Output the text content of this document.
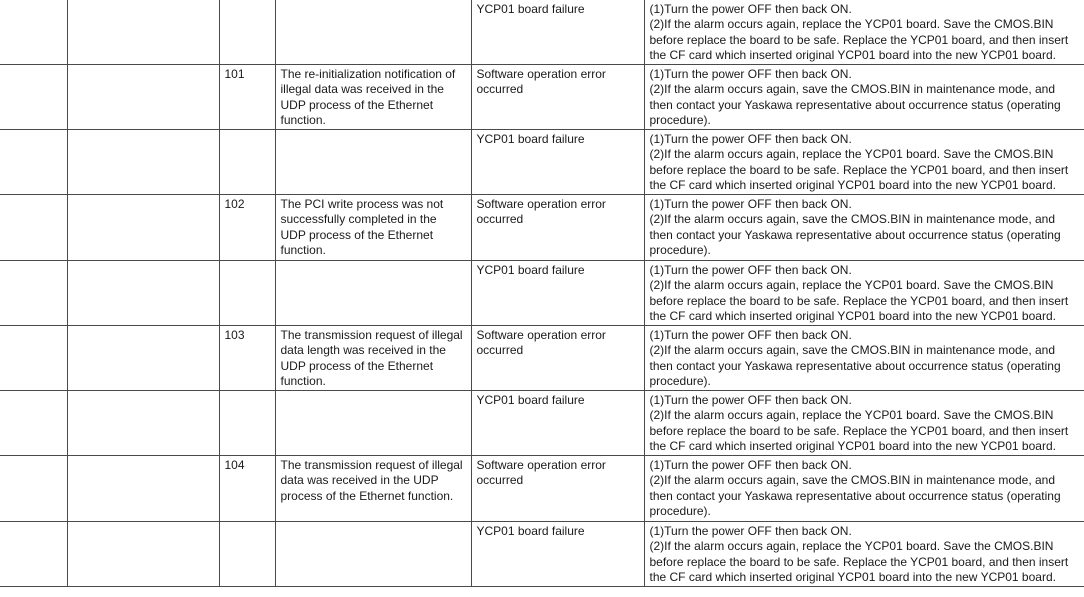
				YCP01 board failure	(1)Turn the power OFF then back ON.
(2)If the alarm occurs again, replace the YCP01 board. Save the CMOS.BIN
before replace the board to be safe. Replace the YCP01 board, and then insert
the CF card which inserted original YCP01 board into the new YCP01 board.
		101	The re-initialization notification of
illegal data was received in the
UDP process of the Ethernet
function.	Software operation error
occurred	(1)Turn the power OFF then back ON.
(2)If the alarm occurs again, save the CMOS.BIN in maintenance mode, and
then contact your Yaskawa representative about occurrence status (operating
procedure).
				YCP01 board failure	(1)Turn the power OFF then back ON.
(2)If the alarm occurs again, replace the YCP01 board. Save the CMOS.BIN
before replace the board to be safe. Replace the YCP01 board, and then insert
the CF card which inserted original YCP01 board into the new YCP01 board.
		102	The PCI write process was not
successfully completed in the
UDP process of the Ethernet
function.	Software operation error
occurred	(1)Turn the power OFF then back ON.
(2)If the alarm occurs again, save the CMOS.BIN in maintenance mode, and
then contact your Yaskawa representative about occurrence status (operating
procedure).
				YCP01 board failure	(1)Turn the power OFF then back ON.
(2)If the alarm occurs again, replace the YCP01 board. Save the CMOS.BIN
before replace the board to be safe. Replace the YCP01 board, and then insert
the CF card which inserted original YCP01 board into the new YCP01 board.
		103	The transmission request of illegal
data length was received in the
UDP process of the Ethernet
function.	Software operation error
occurred	(1)Turn the power OFF then back ON.
(2)If the alarm occurs again, save the CMOS.BIN in maintenance mode, and
then contact your Yaskawa representative about occurrence status (operating
procedure).
				YCP01 board failure	(1)Turn the power OFF then back ON.
(2)If the alarm occurs again, replace the YCP01 board. Save the CMOS.BIN
before replace the board to be safe. Replace the YCP01 board, and then insert
the CF card which inserted original YCP01 board into the new YCP01 board.
		104	The transmission request of illegal
data was received in the UDP
process of the Ethernet function.	Software operation error
occurred	(1)Turn the power OFF then back ON.
(2)If the alarm occurs again, save the CMOS.BIN in maintenance mode, and
then contact your Yaskawa representative about occurrence status (operating
procedure).
				YCP01 board failure	(1)Turn the power OFF then back ON.
(2)If the alarm occurs again, replace the YCP01 board. Save the CMOS.BIN
before replace the board to be safe. Replace the YCP01 board, and then insert
the CF card which inserted original YCP01 board into the new YCP01 board.
